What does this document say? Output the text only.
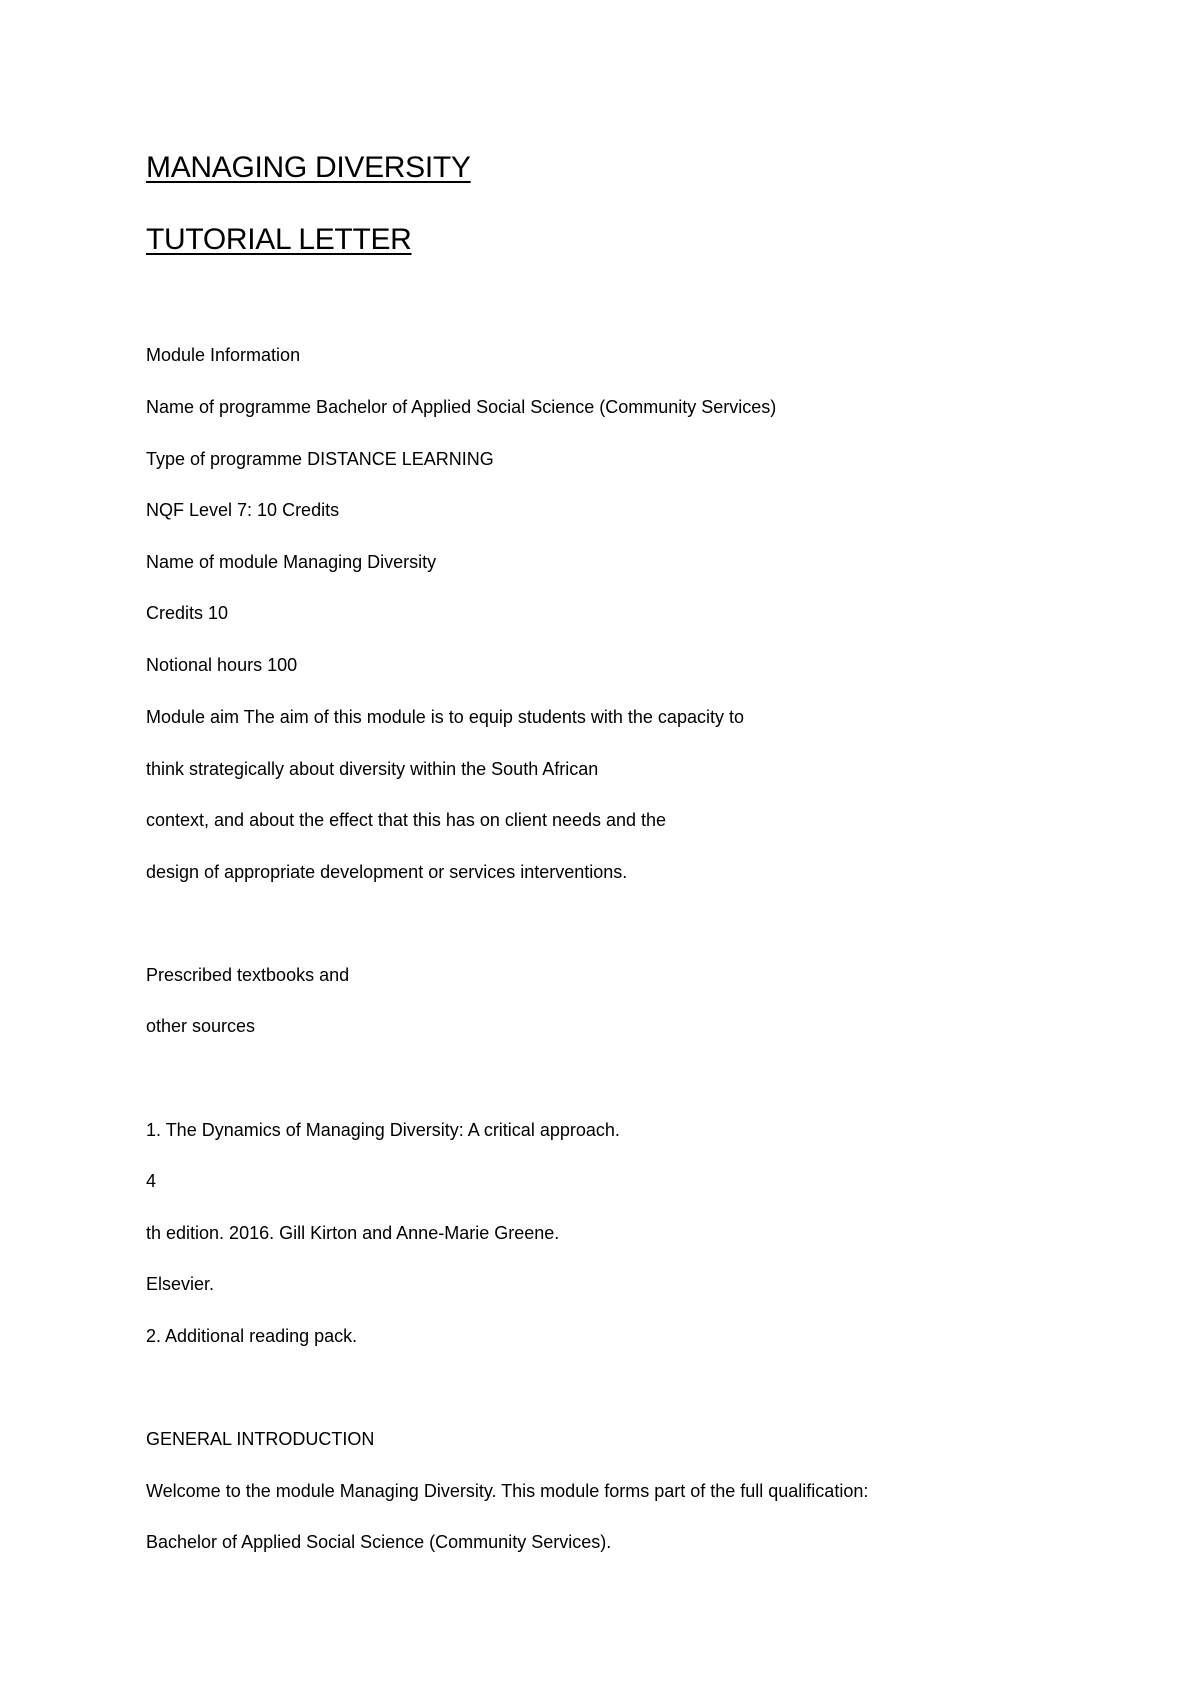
MANAGING DIVERSITY
TUTORIAL LETTER

Module Information

Name of programme Bachelor of Applied Social Science (Community Services)

Type of programme DISTANCE LEARNING

NQF Level 7: 10 Credits

Name of module Managing Diversity

Credits 10

Notional hours 100

Module aim The aim of this module is to equip students with the capacity to

think strategically about diversity within the South African

context, and about the effect that this has on client needs and the

design of appropriate development or services interventions.

Prescribed textbooks and

other sources

1. The Dynamics of Managing Diversity: A critical approach.

4

th edition. 2016. Gill Kirton and Anne-Marie Greene.

Elsevier.

2. Additional reading pack.

GENERAL INTRODUCTION

Welcome to the module Managing Diversity. This module forms part of the full qualification:

Bachelor of Applied Social Science (Community Services).
